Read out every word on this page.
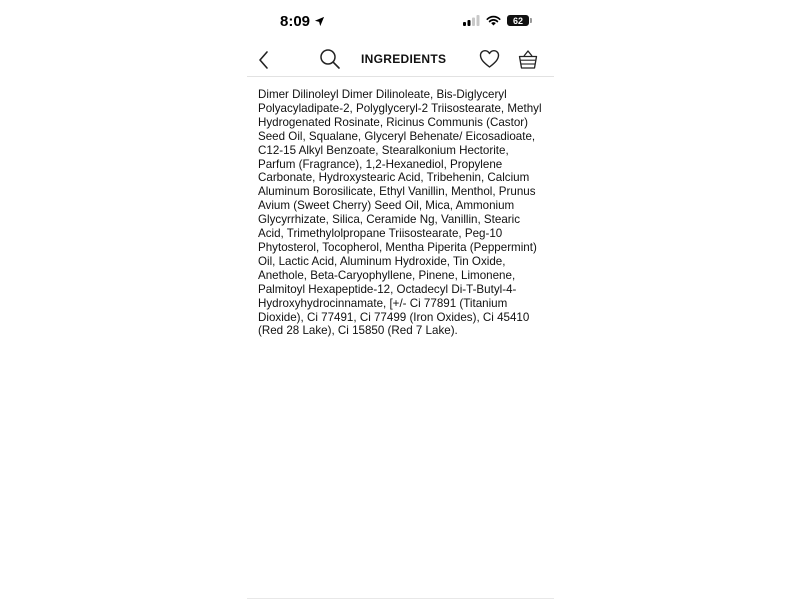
8:09	62
INGREDIENTS
Dimer Dilinoleyl Dimer Dilinoleate, Bis-Diglyceryl Polyacyladipate-2, Polyglyceryl-2 Triisostearate, Methyl Hydrogenated Rosinate, Ricinus Communis (Castor) Seed Oil, Squalane, Glyceryl Behenate/ Eicosadioate, C12-15 Alkyl Benzoate, Stearalkonium Hectorite, Parfum (Fragrance), 1,2-Hexanediol, Propylene Carbonate, Hydroxystearic Acid, Tribehenin, Calcium Aluminum Borosilicate, Ethyl Vanillin, Menthol, Prunus Avium (Sweet Cherry) Seed Oil, Mica, Ammonium Glycyrrhizate, Silica, Ceramide Ng, Vanillin, Stearic Acid, Trimethylolpropane Triisostearate, Peg-10 Phytosterol, Tocopherol, Mentha Piperita (Peppermint) Oil, Lactic Acid, Aluminum Hydroxide, Tin Oxide, Anethole, Beta-Caryophyllene, Pinene, Limonene, Palmitoyl Hexapeptide-12, Octadecyl Di-T-Butyl-4-Hydroxyhydrocinnamate, [+/- Ci 77891 (Titanium Dioxide), Ci 77491, Ci 77499 (Iron Oxides), Ci 45410 (Red 28 Lake), Ci 15850 (Red 7 Lake).
